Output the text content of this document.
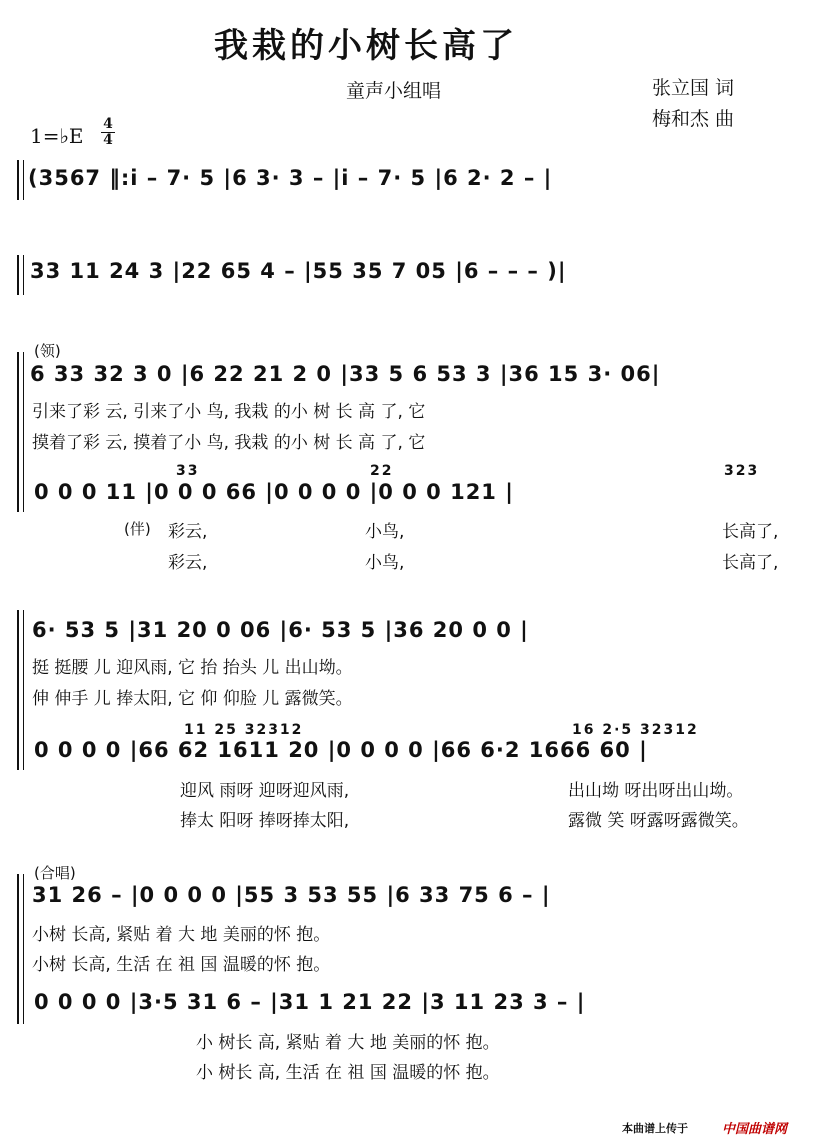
我栽的小树长高了
童声小组唱	张立国 词
梅和杰 曲
1=♭E 4
4
(3567 ‖:i – 7· 5 |6 3· 3 – |i – 7· 5 |6 2· 2 – |
33 11 24 3 |22 65 4 – |55 35 7 05 |6 – – – )|
(领)
6 33 32 3 0 |6 22 21 2 0 |33 5 6 53 3 |36 15 3· 06|
引来了彩 云, 引来了小 鸟, 我栽 的小 树 长 高 了, 它
摸着了彩 云, 摸着了小 鸟, 我栽 的小 树 长 高 了, 它
33	22	323
0 0 0 11 |0 0 0 66 |0 0 0 0 |0 0 0 121 |
(伴) 彩云,	小鸟,	长高了,
彩云,	小鸟,	长高了,
6· 53 5 |31 20 0 06 |6· 53 5 |36 20 0 0 |
挺 挺腰 儿 迎风雨, 它 抬 抬头 儿 出山坳。
伸 伸手 儿 捧太阳, 它 仰 仰脸 儿 露微笑。
11 25 32312	16 2·5 32312
0 0 0 0 |66 62 1611 20 |0 0 0 0 |66 6·2 1666 60 |
迎风 雨呀 迎呀迎风雨,	出山坳 呀出呀出山坳。
捧太 阳呀 捧呀捧太阳,	露微 笑 呀露呀露微笑。
(合唱)
31 26 – |0 0 0 0 |55 3 53 55 |6 33 75 6 – |
小树 长高, 紧贴 着 大 地 美丽的怀 抱。
小树 长高, 生活 在 祖 国 温暖的怀 抱。
0 0 0 0 |3·5 31 6 – |31 1 21 22 |3 11 23 3 – |
小 树长 高, 紧贴 着 大 地 美丽的怀 抱。
小 树长 高, 生活 在 祖 国 温暖的怀 抱。
本曲谱上传于	中国曲谱网
